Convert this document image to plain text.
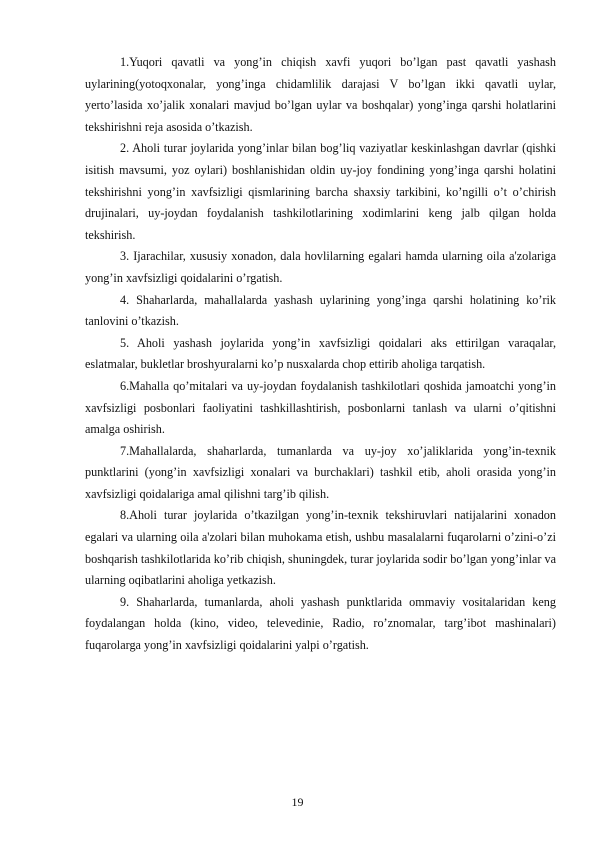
1.Yuqori qavatli va yong’in chiqish xavfi yuqori bo’lgan past qavatli yashash uylarining(yotoqxonalar, yong’inga chidamlilik darajasi V bo’lgan ikki qavatli uylar, yerto’lasida xo’jalik xonalari mavjud bo’lgan uylar va boshqalar) yong’inga qarshi holatlarini tekshirishni reja asosida o’tkazish.

2. Aholi turar joylarida yong’inlar bilan bog’liq vaziyatlar keskinlashgan davrlar (qishki isitish mavsumi, yoz oylari) boshlanishidan oldin uy-joy fondining yong’inga qarshi holatini tekshirishni yong’in xavfsizligi qismlarining barcha shaxsiy tarkibini, ko’ngilli o’t o’chirish drujinalari, uy-joydan foydalanish tashkilotlarining xodimlarini keng jalb qilgan holda tekshirish.

3. Ijarachilar, xususiy xonadon, dala hovlilarning egalari hamda ularning oila a'zolariga yong’in xavfsizligi qoidalarini o’rgatish.

4. Shaharlarda, mahallalarda yashash uylarining yong’inga qarshi holatining ko’rik tanlovini o’tkazish.

5. Aholi yashash joylarida yong’in xavfsizligi qoidalari aks ettirilgan varaqalar, eslatmalar, bukletlar broshyuralarni ko’p nusxalarda chop ettirib aholiga tarqatish.

6.Mahalla qo’mitalari va uy-joydan foydalanish tashkilotlari qoshida jamoatchi yong’in xavfsizligi posbonlari faoliyatini tashkillashtirish, posbonlarni tanlash va ularni o’qitishni amalga oshirish.

7.Mahallalarda, shaharlarda, tumanlarda va uy-joy xo’jaliklarida yong’in-texnik punktlarini (yong’in xavfsizligi xonalari va burchaklari) tashkil etib, aholi orasida yong’in xavfsizligi qoidalariga amal qilishni targ’ib qilish.

8.Aholi turar joylarida o’tkazilgan yong’in-texnik tekshiruvlari natijalarini xonadon egalari va ularning oila a'zolari bilan muhokama etish, ushbu masalalarni fuqarolarni o’zini-o’zi boshqarish tashkilotlarida ko’rib chiqish, shuningdek, turar joylarida sodir bo’lgan yong’inlar va ularning oqibatlarini aholiga yetkazish.

9. Shaharlarda, tumanlarda, aholi yashash punktlarida ommaviy vositalaridan keng foydalangan holda (kino, video, televedinie, Radio, ro’znomalar, targ’ibot mashinalari) fuqarolarga yong’in xavfsizligi qoidalarini yalpi o’rgatish.

19
